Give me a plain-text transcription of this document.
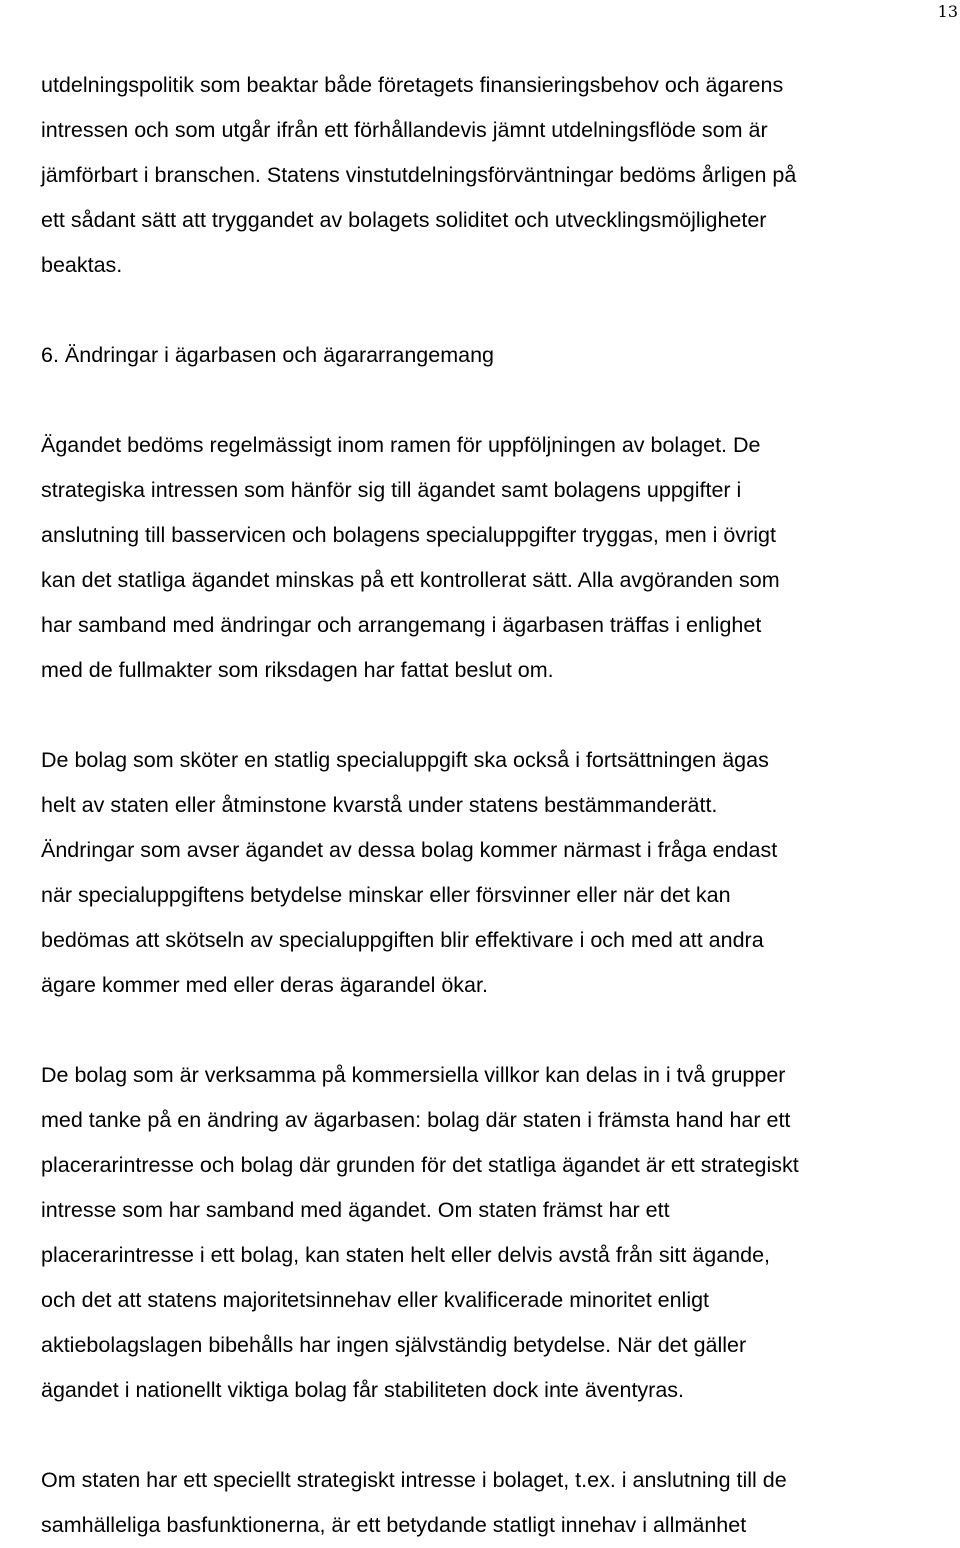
13
utdelningspolitik som beaktar både företagets finansieringsbehov och ägarens
intressen och som utgår ifrån ett förhållandevis jämnt utdelningsflöde som är
jämförbart i branschen. Statens vinstutdelningsförväntningar bedöms årligen på
ett sådant sätt att tryggandet av bolagets soliditet och utvecklingsmöjligheter
beaktas.
6. Ändringar i ägarbasen och ägararrangemang
Ägandet bedöms regelmässigt inom ramen för uppföljningen av bolaget. De
strategiska intressen som hänför sig till ägandet samt bolagens uppgifter i
anslutning till basservicen och bolagens specialuppgifter tryggas, men i övrigt
kan det statliga ägandet minskas på ett kontrollerat sätt. Alla avgöranden som
har samband med ändringar och arrangemang i ägarbasen träffas i enlighet
med de fullmakter som riksdagen har fattat beslut om.
De bolag som sköter en statlig specialuppgift ska också i fortsättningen ägas
helt av staten eller åtminstone kvarstå under statens bestämmanderätt.
Ändringar som avser ägandet av dessa bolag kommer närmast i fråga endast
när specialuppgiftens betydelse minskar eller försvinner eller när det kan
bedömas att skötseln av specialuppgiften blir effektivare i och med att andra
ägare kommer med eller deras ägarandel ökar.
De bolag som är verksamma på kommersiella villkor kan delas in i två grupper
med tanke på en ändring av ägarbasen: bolag där staten i främsta hand har ett
placerarintresse och bolag där grunden för det statliga ägandet är ett strategiskt
intresse som har samband med ägandet. Om staten främst har ett
placerarintresse i ett bolag, kan staten helt eller delvis avstå från sitt ägande,
och det att statens majoritetsinnehav eller kvalificerade minoritet enligt
aktiebolagslagen bibehålls har ingen självständig betydelse. När det gäller
ägandet i nationellt viktiga bolag får stabiliteten dock inte äventyras.
Om staten har ett speciellt strategiskt intresse i bolaget, t.ex. i anslutning till de
samhälleliga basfunktionerna, är ett betydande statligt innehav i allmänhet
